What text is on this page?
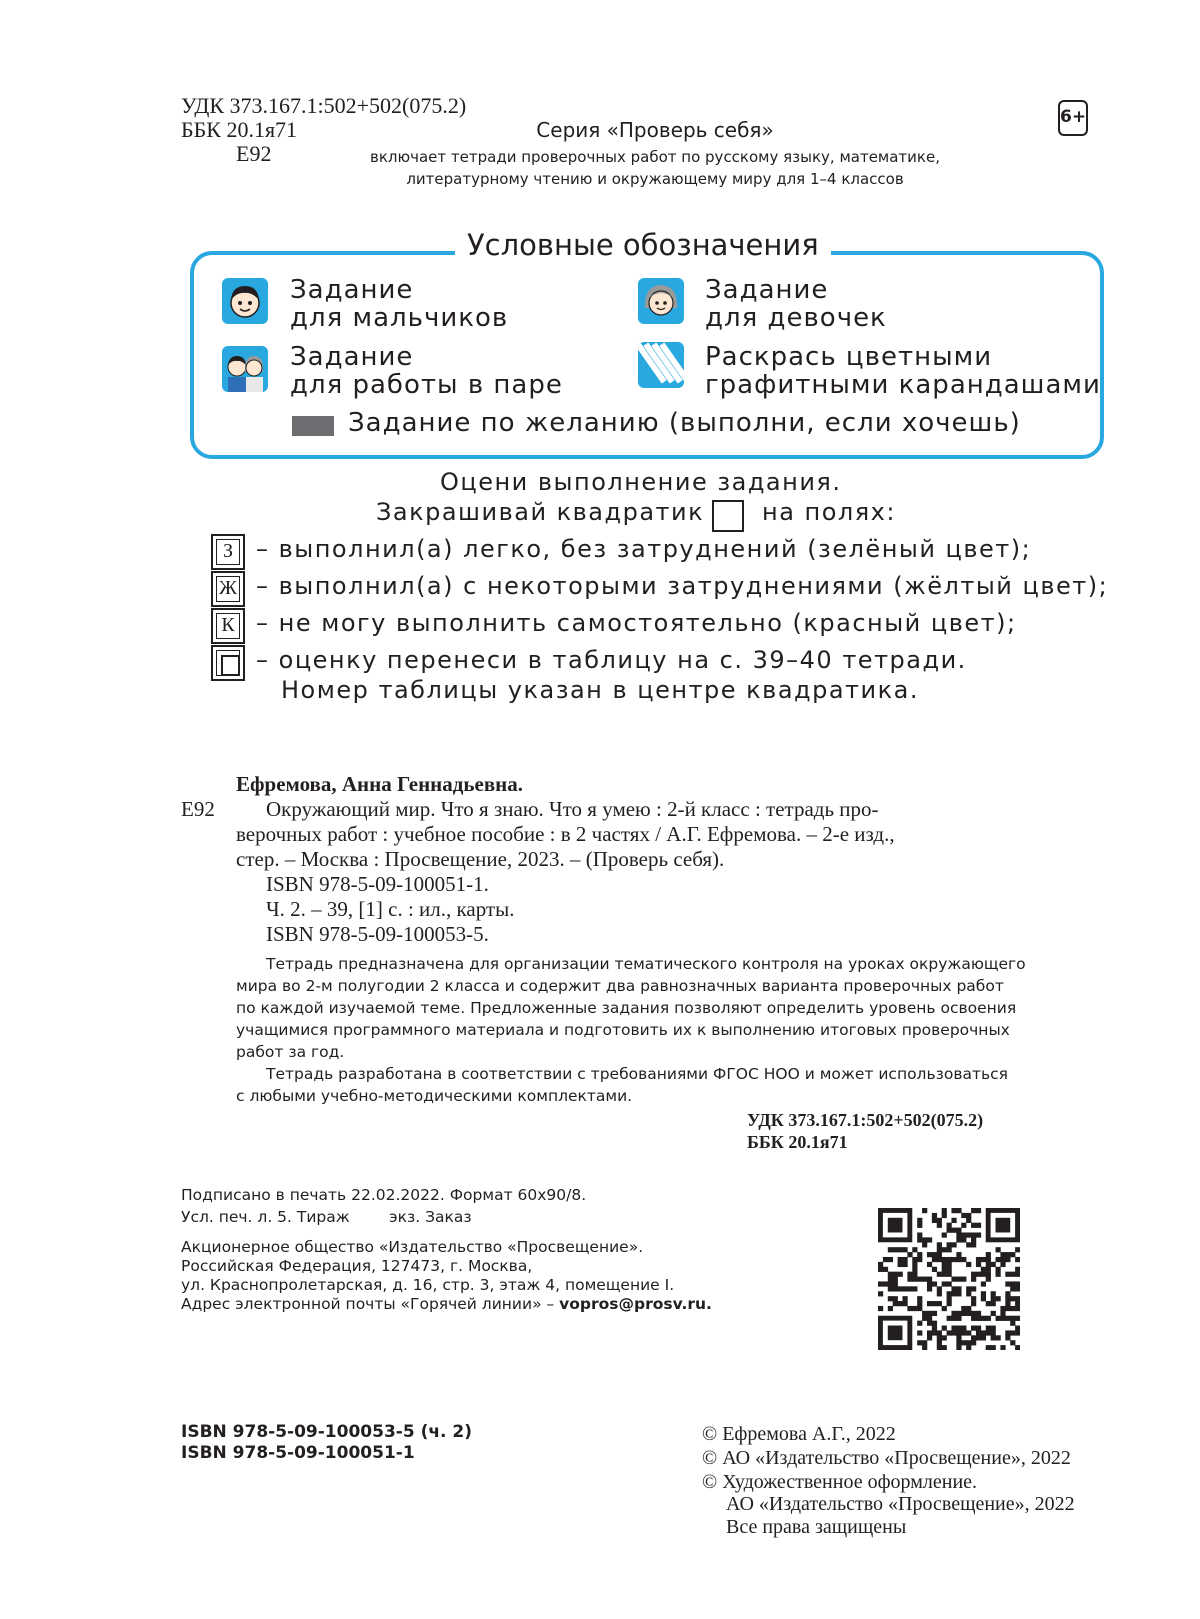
УДК 373.167.1:502+502(075.2)
ББК 20.1я71
Е92
Серия «Проверь себя»
включает тетради проверочных работ по русскому языку, математике,
литературному чтению и окружающему миру для 1–4 классов
6+
Условные обозначения
Задание
для мальчиков
Задание
для девочек
Задание
для работы в паре
Раскрась цветными
графитными карандашами
Задание по желанию (выполни, если хочешь)
Оцени выполнение задания.
Закрашивай квадратик на полях:
З – выполнил(а) легко, без затруднений (зелёный цвет);
Ж – выполнил(а) с некоторыми затруднениями (жёлтый цвет);
К – не могу выполнить самостоятельно (красный цвет);
– оценку перенеси в таблицу на с. 39–40 тетради.
Номер таблицы указан в центре квадратика.
Ефремова, Анна Геннадьевна.
Е92 Окружающий мир. Что я знаю. Что я умею : 2-й класс : тетрадь про-
верочных работ : учебное пособие : в 2 частях / А.Г. Ефремова. – 2-е изд.,
стер. – Москва : Просвещение, 2023. – (Проверь себя).
ISBN 978-5-09-100051-1.
Ч. 2. – 39, [1] с. : ил., карты.
ISBN 978-5-09-100053-5.
Тетрадь предназначена для организации тематического контроля на уроках окружающего
мира во 2-м полугодии 2 класса и содержит два равнозначных варианта проверочных работ
по каждой изучаемой теме. Предложенные задания позволяют определить уровень освоения
учащимися программного материала и подготовить их к выполнению итоговых проверочных
работ за год.
Тетрадь разработана в соответствии с требованиями ФГОС НОО и может использоваться
с любыми учебно-методическими комплектами.
УДК 373.167.1:502+502(075.2)
ББК 20.1я71
Подписано в печать 22.02.2022. Формат 60х90/8.
Усл. печ. л. 5. Тираж        экз. Заказ
Акционерное общество «Издательство «Просвещение».
Российская Федерация, 127473, г. Москва,
ул. Краснопролетарская, д. 16, стр. 3, этаж 4, помещение I.
Адрес электронной почты «Горячей линии» – vopros@prosv.ru.
ISBN 978-5-09-100053-5 (ч. 2)
ISBN 978-5-09-100051-1
© Ефремова А.Г., 2022
© АО «Издательство «Просвещение», 2022
© Художественное оформление.
АО «Издательство «Просвещение», 2022
Все права защищены
